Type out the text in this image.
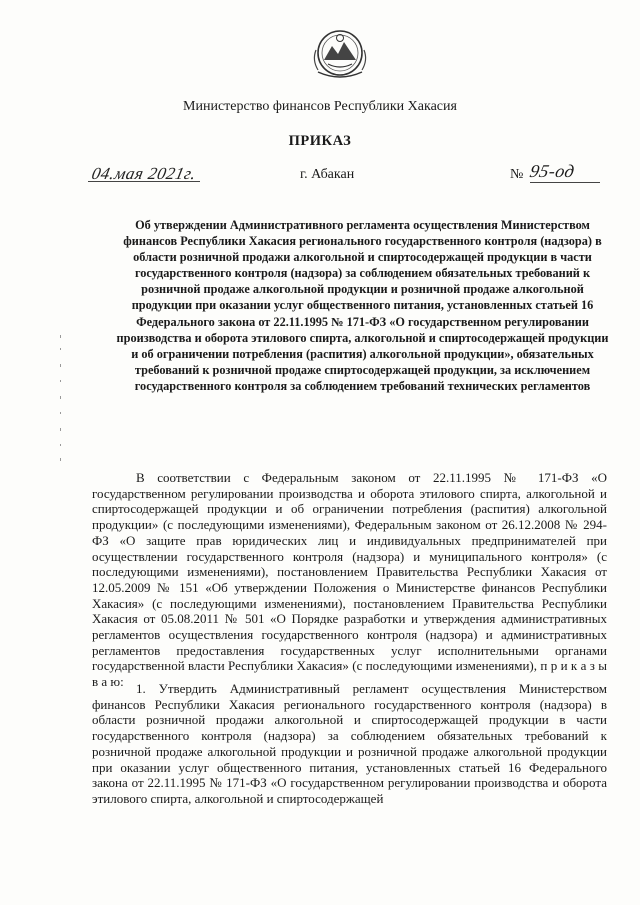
Министерство финансов Республики Хакасия
ПРИКАЗ
04.мая 2021г.	г. Абакан	№ 95-од
Об утверждении Административного регламента осуществления Министерством финансов Республики Хакасия регионального государственного контроля (надзора) в области розничной продажи алкогольной и спиртосодержащей продукции в части государственного контроля (надзора) за соблюдением обязательных требований к розничной продаже алкогольной продукции и розничной продаже алкогольной продукции при оказании услуг общественного питания, установленных статьей 16 Федерального закона от 22.11.1995 № 171-ФЗ «О государственном регулировании производства и оборота этилового спирта, алкогольной и спиртосодержащей продукции и об ограничении потребления (распития) алкогольной продукции», обязательных требований к розничной продаже спиртосодержащей продукции, за исключением государственного контроля за соблюдением требований технических регламентов
В соответствии с Федеральным законом от 22.11.1995 № 171-ФЗ «О государственном регулировании производства и оборота этилового спирта, алкогольной и спиртосодержащей продукции и об ограничении потребления (распития) алкогольной продукции» (с последующими изменениями), Федеральным законом от 26.12.2008 № 294-ФЗ «О защите прав юридических лиц и индивидуальных предпринимателей при осуществлении государственного контроля (надзора) и муниципального контроля» (с последующими изменениями), постановлением Правительства Республики Хакасия от 12.05.2009 № 151 «Об утверждении Положения о Министерстве финансов Республики Хакасия» (с последующими изменениями), постановлением Правительства Республики Хакасия от 05.08.2011 № 501 «О Порядке разработки и утверждения административных регламентов осуществления государственного контроля (надзора) и административных регламентов предоставления государственных услуг исполнительными органами государственной власти Республики Хакасия» (с последующими изменениями), п р и к а з ы в а ю: 1. Утвердить Административный регламент осуществления Министерством финансов Республики Хакасия регионального государственного контроля (надзора) в области розничной продажи алкогольной и спиртосодержащей продукции в части государственного контроля (надзора) за соблюдением обязательных требований к розничной продаже алкогольной продукции и розничной продаже алкогольной продукции при оказании услуг общественного питания, установленных статьей 16 Федерального закона от 22.11.1995 № 171-ФЗ «О государственном регулировании производства и оборота этилового спирта, алкогольной и спиртосодержащей
